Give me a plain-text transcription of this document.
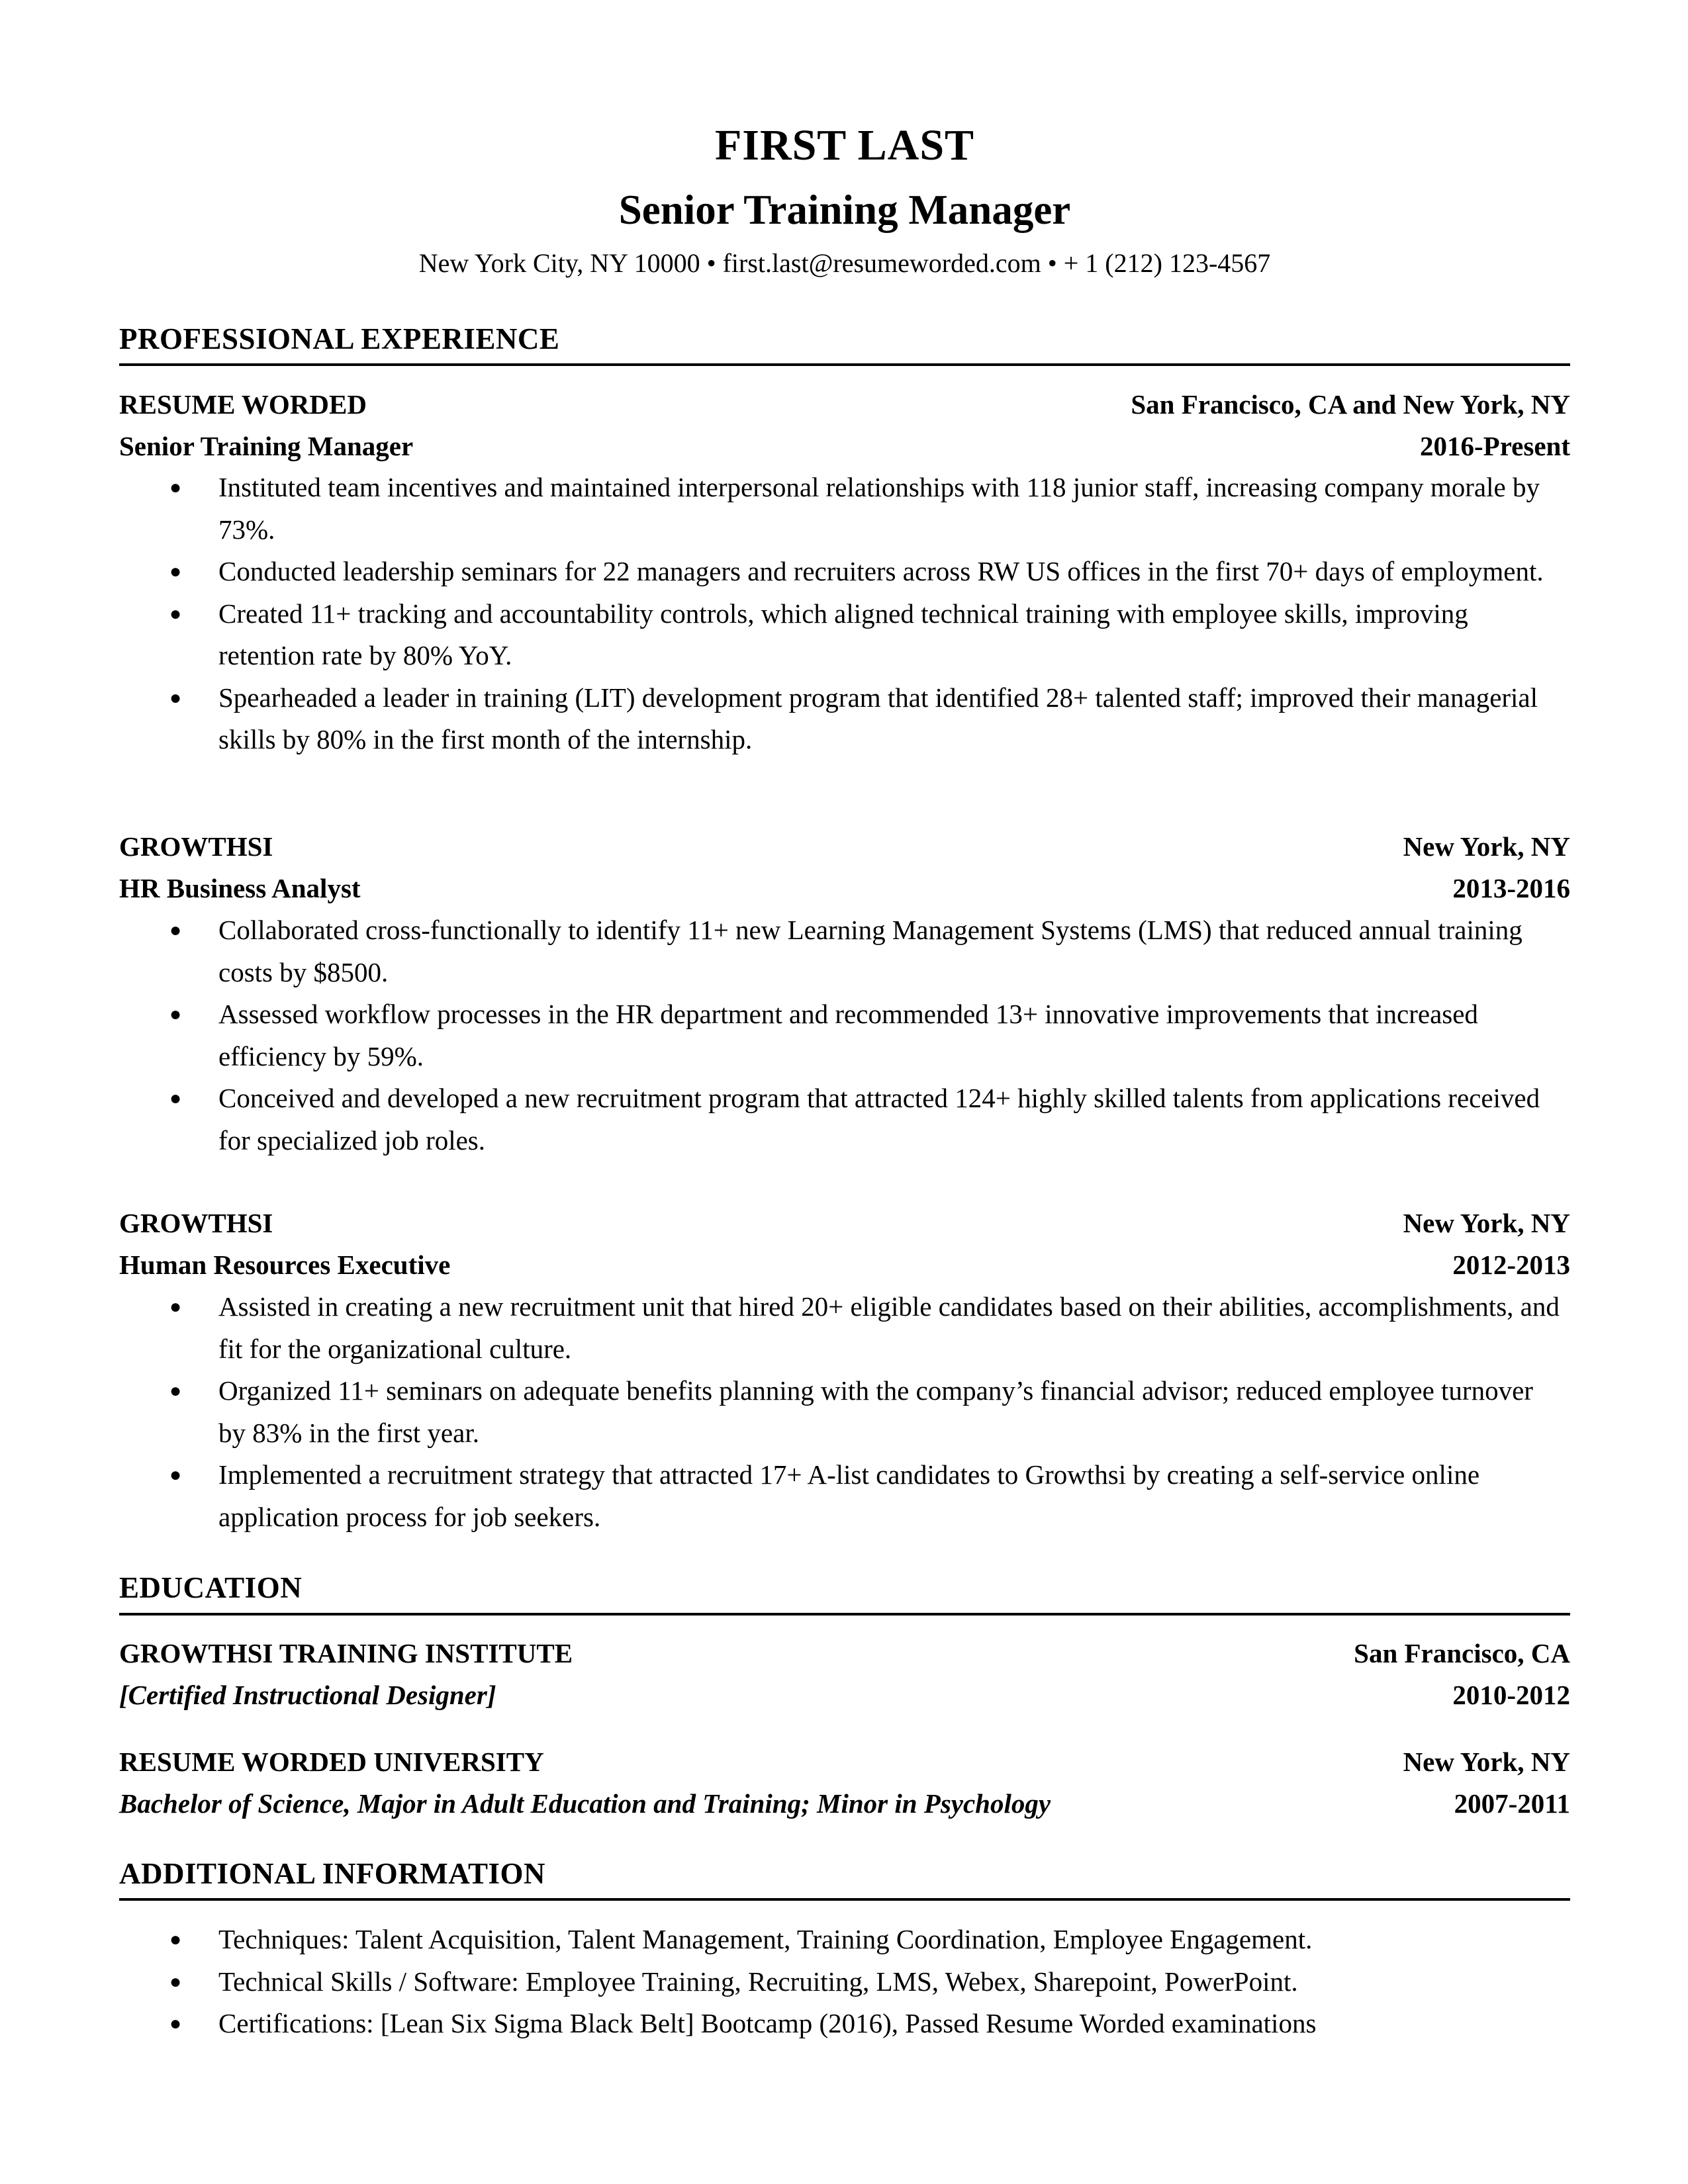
FIRST LAST
Senior Training Manager
New York City, NY 10000 • first.last@resumeworded.com • + 1 (212) 123-4567
PROFESSIONAL EXPERIENCE
RESUME WORDED	San Francisco, CA and New York, NY
Senior Training Manager	2016-Present
● Instituted team incentives and maintained interpersonal relationships with 118 junior staff, increasing company morale by 73%.
● Conducted leadership seminars for 22 managers and recruiters across RW US offices in the first 70+ days of employment.
● Created 11+ tracking and accountability controls, which aligned technical training with employee skills, improving retention rate by 80% YoY.
● Spearheaded a leader in training (LIT) development program that identified 28+ talented staff; improved their managerial skills by 80% in the first month of the internship.
GROWTHSI	New York, NY
HR Business Analyst	2013-2016
● Collaborated cross-functionally to identify 11+ new Learning Management Systems (LMS) that reduced annual training costs by $8500.
● Assessed workflow processes in the HR department and recommended 13+ innovative improvements that increased efficiency by 59%.
● Conceived and developed a new recruitment program that attracted 124+ highly skilled talents from applications received for specialized job roles.
GROWTHSI	New York, NY
Human Resources Executive	2012-2013
● Assisted in creating a new recruitment unit that hired 20+ eligible candidates based on their abilities, accomplishments, and fit for the organizational culture.
● Organized 11+ seminars on adequate benefits planning with the company’s financial advisor; reduced employee turnover by 83% in the first year.
● Implemented a recruitment strategy that attracted 17+ A-list candidates to Growthsi by creating a self-service online application process for job seekers.
EDUCATION
GROWTHSI TRAINING INSTITUTE	San Francisco, CA
[Certified Instructional Designer]	2010-2012
RESUME WORDED UNIVERSITY	New York, NY
Bachelor of Science, Major in Adult Education and Training; Minor in Psychology	2007-2011
ADDITIONAL INFORMATION
● Techniques: Talent Acquisition, Talent Management, Training Coordination, Employee Engagement.
● Technical Skills / Software: Employee Training, Recruiting, LMS, Webex, Sharepoint, PowerPoint.
● Certifications: [Lean Six Sigma Black Belt] Bootcamp (2016), Passed Resume Worded examinations
